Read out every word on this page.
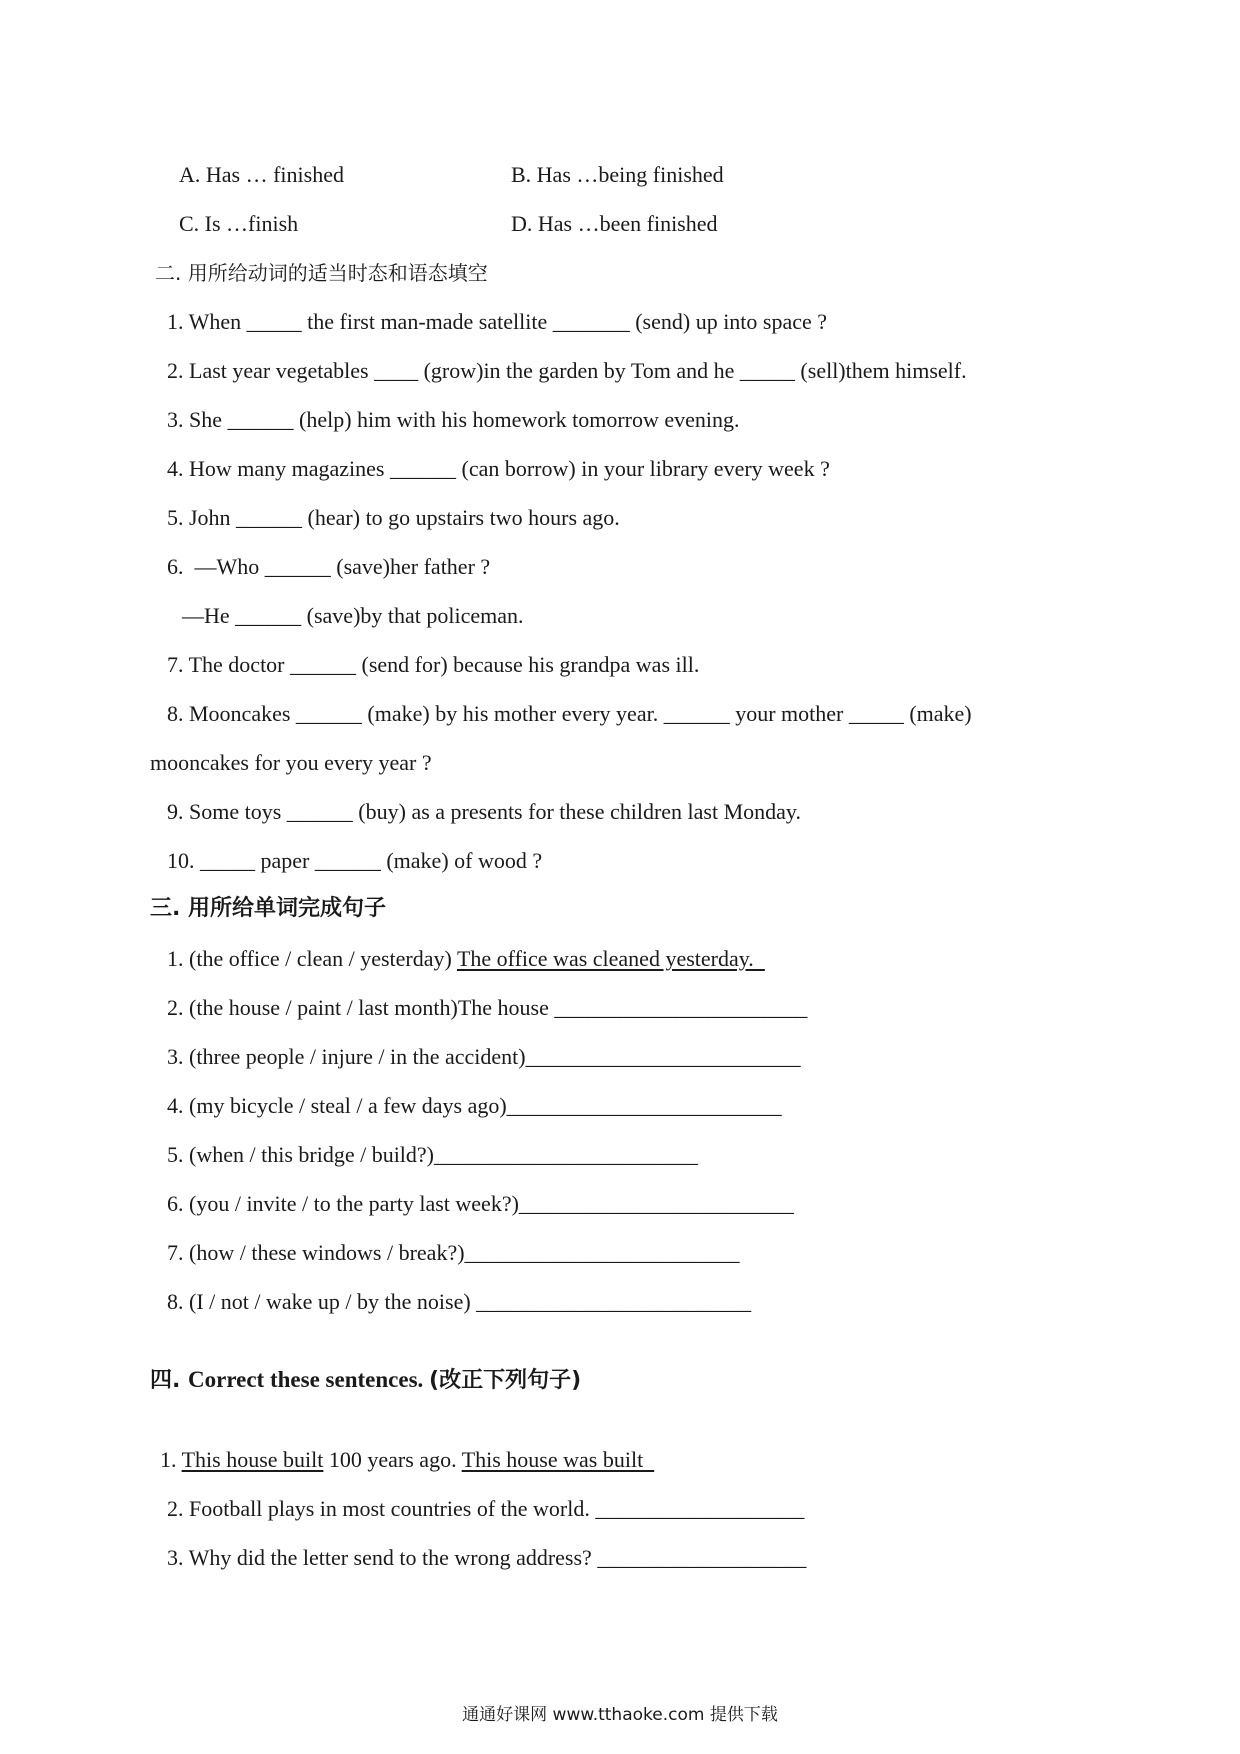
A. Has … finished	B. Has …being finished
C. Is …finish	D. Has …been finished
二. 用所给动词的适当时态和语态填空
1. When _____ the first man-made satellite _______ (send) up into space ?
2. Last year vegetables ____ (grow)in the garden by Tom and he _____ (sell)them himself.
3. She ______ (help) him with his homework tomorrow evening.
4. How many magazines ______ (can borrow) in your library every week ?
5. John ______ (hear) to go upstairs two hours ago.
6.  —Who ______ (save)her father ?
—He ______ (save)by that policeman.
7. The doctor ______ (send for) because his grandpa was ill.
8. Mooncakes ______ (make) by his mother every year. ______ your mother _____ (make)
mooncakes for you every year ?
9. Some toys ______ (buy) as a presents for these children last Monday.
10. _____ paper ______ (make) of wood ?
三. 用所给单词完成句子
1. (the office / clean / yesterday) The office was cleaned yesterday.
2. (the house / paint / last month)The house _______________________
3. (three people / injure / in the accident)_________________________
4. (my bicycle / steal / a few days ago)_________________________
5. (when / this bridge / build?)________________________
6. (you / invite / to the party last week?)_________________________
7. (how / these windows / break?)_________________________
8. (I / not / wake up / by the noise) _________________________
四. Correct these sentences. (改正下列句子)
1. This house built 100 years ago. This house was built
2. Football plays in most countries of the world. ___________________
3. Why did the letter send to the wrong address? ___________________
通通好课网 www.tthaoke.com 提供下载
